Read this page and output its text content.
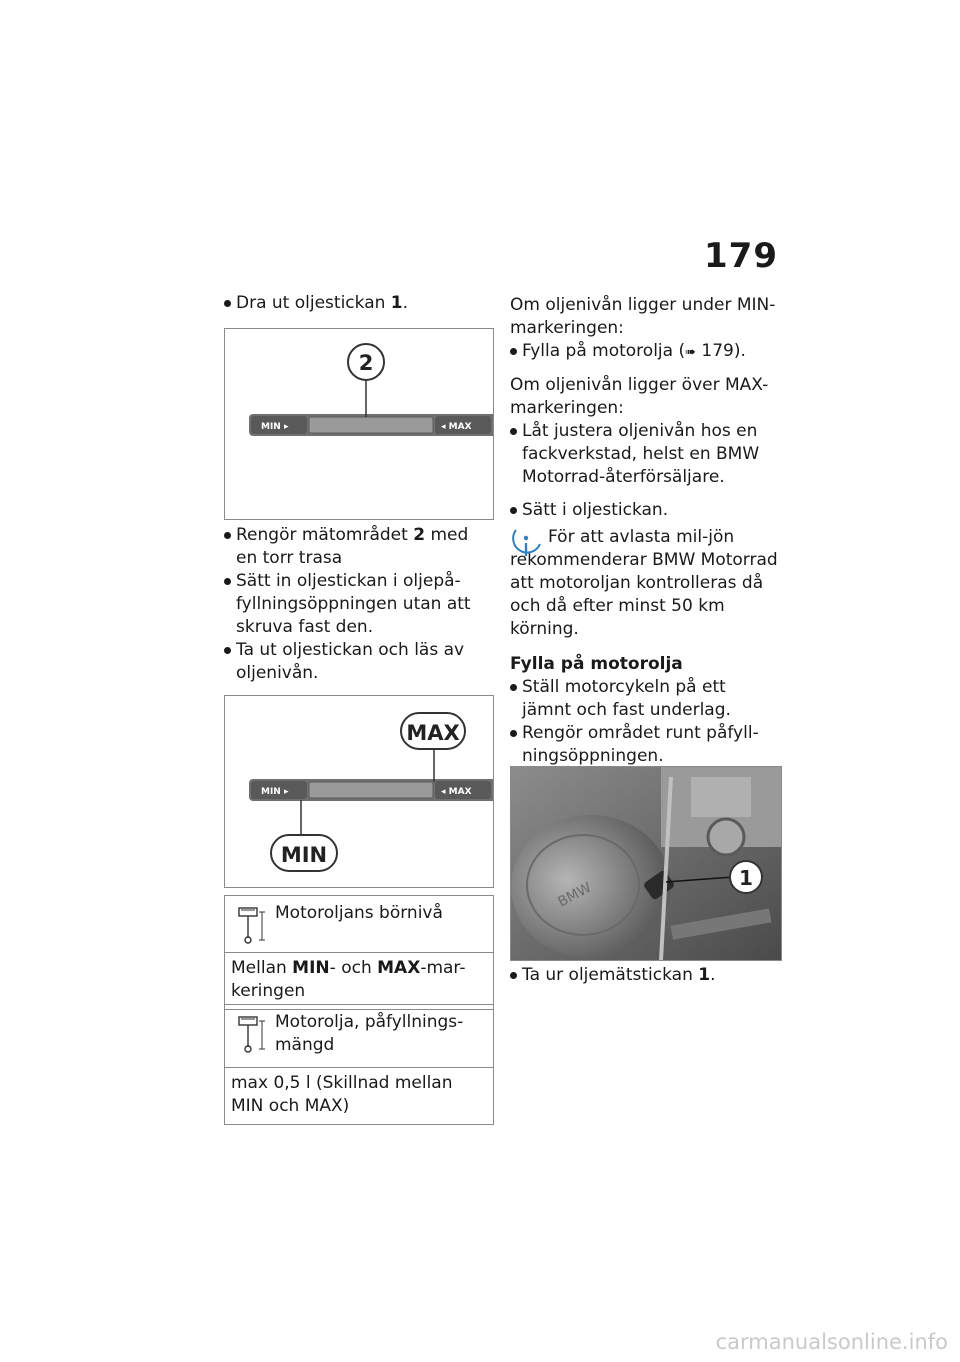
179
Dra ut oljestickan 1.
MIN ▸	◂ MAX
2
Rengör mätområdet 2 med en torr trasa
Sätt in oljestickan i oljepå-fyllningsöppningen utan att skruva fast den.
Ta ut oljestickan och läs av oljenivån.
MIN ▸	◂ MAX
MAX
MIN
Motoroljans börnivå
Mellan MIN- och MAX-mar-keringen
Motorolja, påfyllnings-mängd
max 0,5 l (Skillnad mellan MIN och MAX)
Om oljenivån ligger under MIN-markeringen:
Fylla på motorolja (➠ 179).
Om oljenivån ligger över MAX-markeringen:
Låt justera oljenivån hos en fackverkstad, helst en BMW Motorrad-återförsäljare.
Sätt i oljestickan.
För att avlasta mil-jön rekommenderar BMW Motorrad att motoroljan kontrolleras då och då efter minst 50 km körning.
Fylla på motorolja
Ställ motorcykeln på ett jämnt och fast underlag.
Rengör området runt påfyll-ningsöppningen.
BMW
1
Ta ur oljemätstickan 1.
carmanualsonline.info
